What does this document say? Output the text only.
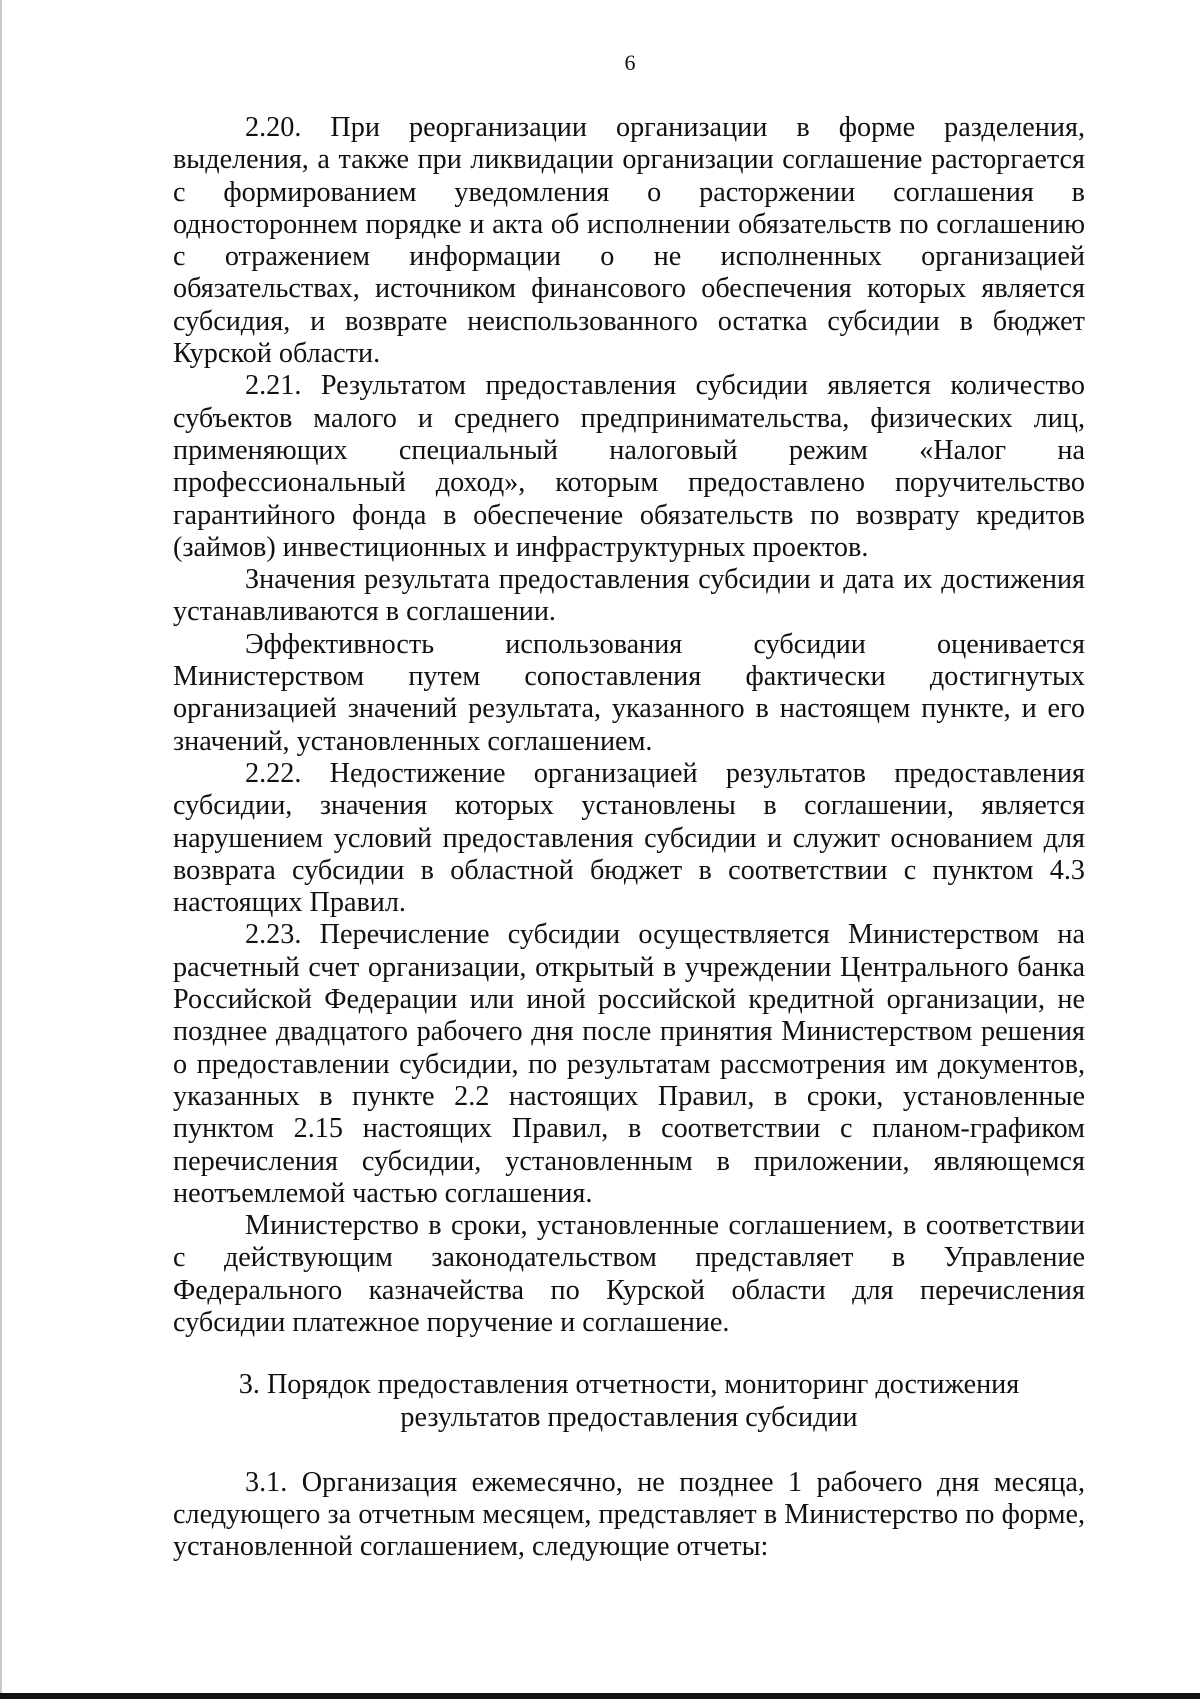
6

2.20. При реорганизации организации в форме разделения, выделения, а также при ликвидации организации соглашение расторгается с формированием уведомления о расторжении соглашения в одностороннем порядке и акта об исполнении обязательств по соглашению с отражением информации о не исполненных организацией обязательствах, источником финансового обеспечения которых является субсидия, и возврате неиспользованного остатка субсидии в бюджет Курской области.

2.21. Результатом предоставления субсидии является количество субъектов малого и среднего предпринимательства, физических лиц, применяющих специальный налоговый режим «Налог на профессиональный доход», которым предоставлено поручительство гарантийного фонда в обеспечение обязательств по возврату кредитов (займов) инвестиционных и инфраструктурных проектов.

Значения результата предоставления субсидии и дата их достижения устанавливаются в соглашении.

Эффективность использования субсидии оценивается Министерством путем сопоставления фактически достигнутых организацией значений результата, указанного в настоящем пункте, и его значений, установленных соглашением.

2.22. Недостижение организацией результатов предоставления субсидии, значения которых установлены в соглашении, является нарушением условий предоставления субсидии и служит основанием для возврата субсидии в областной бюджет в соответствии с пунктом 4.3 настоящих Правил.

2.23. Перечисление субсидии осуществляется Министерством на расчетный счет организации, открытый в учреждении Центрального банка Российской Федерации или иной российской кредитной организации, не позднее двадцатого рабочего дня после принятия Министерством решения о предоставлении субсидии, по результатам рассмотрения им документов, указанных в пункте 2.2 настоящих Правил, в сроки, установленные пунктом 2.15 настоящих Правил, в соответствии с планом-графиком перечисления субсидии, установленным в приложении, являющемся неотъемлемой частью соглашения.

Министерство в сроки, установленные соглашением, в соответствии с действующим законодательством представляет в Управление Федерального казначейства по Курской области для перечисления субсидии платежное поручение и соглашение.

3. Порядок предоставления отчетности, мониторинг достижения
результатов предоставления субсидии

3.1. Организация ежемесячно, не позднее 1 рабочего дня месяца, следующего за отчетным месяцем, представляет в Министерство по форме, установленной соглашением, следующие отчеты:
